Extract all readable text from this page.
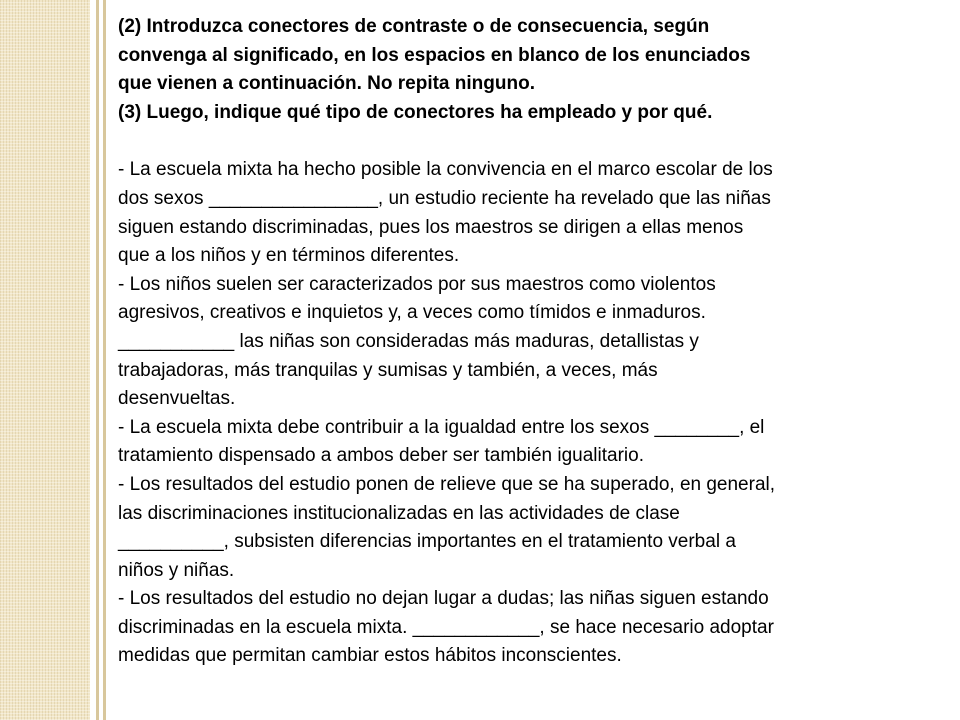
(2) Introduzca conectores de contraste o de consecuencia, según
convenga al significado, en los espacios en blanco de los enunciados
que vienen a continuación. No repita ninguno.

(3) Luego, indique qué tipo de conectores ha empleado y por qué.

- La escuela mixta ha hecho posible la convivencia en el marco escolar de los
dos sexos ________________, un estudio reciente ha revelado que las niñas
siguen estando discriminadas, pues los maestros se dirigen a ellas menos
que a los niños y en términos diferentes.
- Los niños suelen ser caracterizados por sus maestros como violentos
agresivos, creativos e inquietos y, a veces como tímidos e inmaduros.
___________ las niñas son consideradas más maduras, detallistas y
trabajadoras, más tranquilas y sumisas y también, a veces, más
desenvueltas.
- La escuela mixta debe contribuir a la igualdad entre los sexos ________, el
tratamiento dispensado a ambos deber ser también igualitario.
- Los resultados del estudio ponen de relieve que se ha superado, en general,
las discriminaciones institucionalizadas en las actividades de clase
__________, subsisten diferencias importantes en el tratamiento verbal a
niños y niñas.
- Los resultados del estudio no dejan lugar a dudas; las niñas siguen estando
discriminadas en la escuela mixta. ____________, se hace necesario adoptar
medidas que permitan cambiar estos hábitos inconscientes.
